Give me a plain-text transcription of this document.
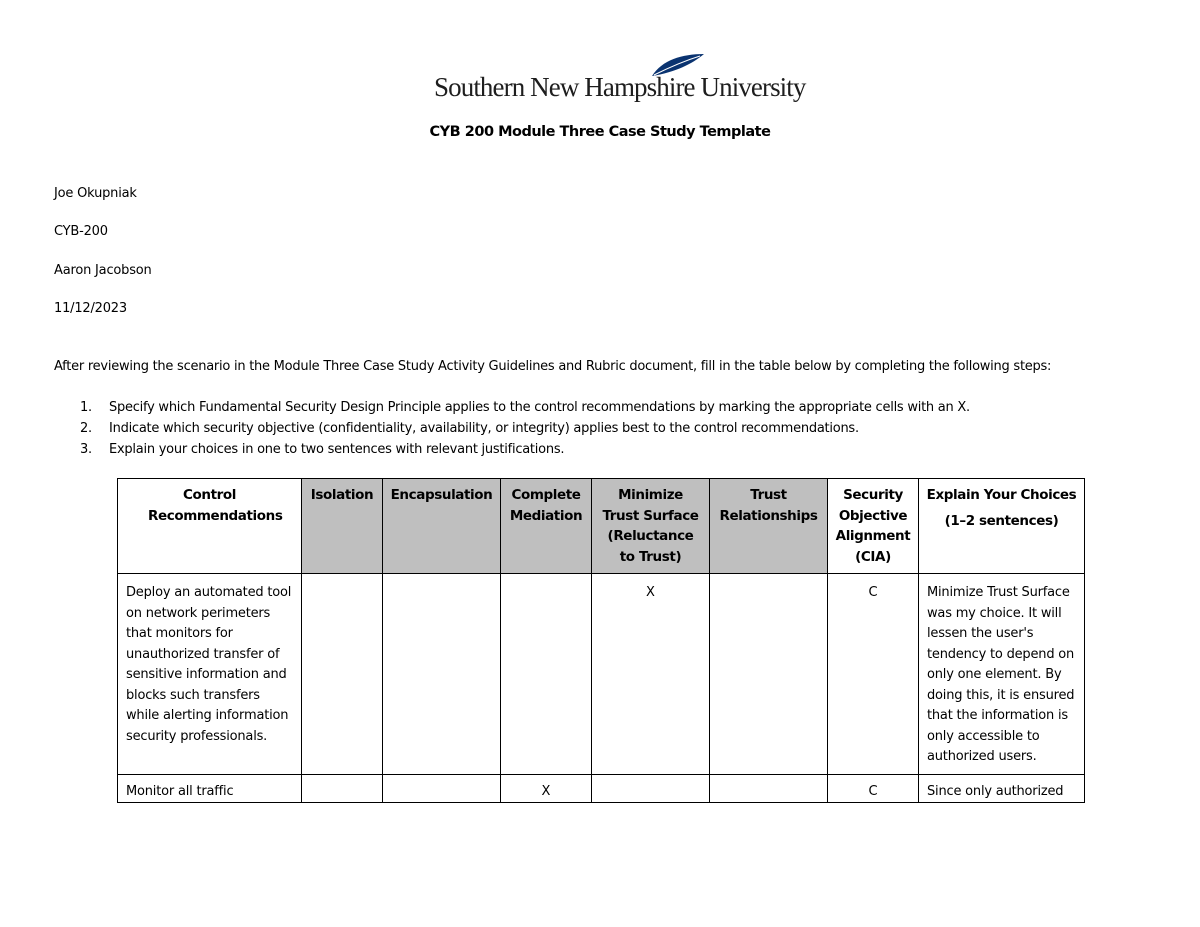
Southern New Hampshire University
CYB 200 Module Three Case Study Template
Joe Okupniak
CYB-200
Aaron Jacobson
11/12/2023
After reviewing the scenario in the Module Three Case Study Activity Guidelines and Rubric document, fill in the table below by completing the following steps:
1. Specify which Fundamental Security Design Principle applies to the control recommendations by marking the appropriate cells with an X.
2. Indicate which security objective (confidentiality, availability, or integrity) applies best to the control recommendations.
3. Explain your choices in one to two sentences with relevant justifications.
Control Recommendations	Isolation	Encapsulation	Complete Mediation	Minimize Trust Surface (Reluctance to Trust)	Trust Relationships	Security Objective Alignment (CIA)	Explain Your Choices
(1–2 sentences)

Deploy an automated tool on network perimeters that monitors for unauthorized transfer of sensitive information and blocks such transfers while alerting information security professionals.				X		C	Minimize Trust Surface was my choice. It will lessen the user's tendency to depend on only one element. By doing this, it is ensured that the information is only accessible to authorized users.

Monitor all traffic			X			C	Since only authorized
